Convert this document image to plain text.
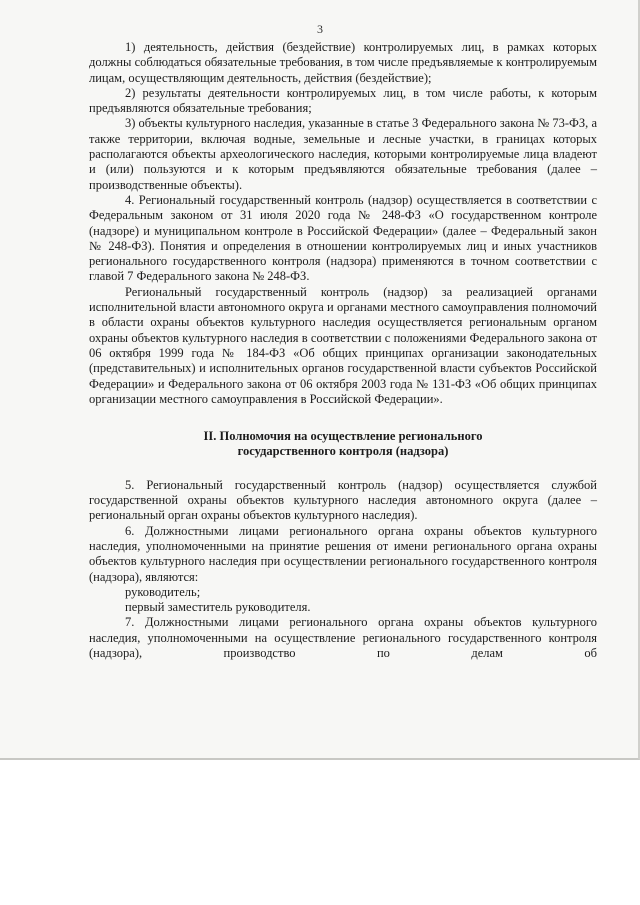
3

1) деятельность, действия (бездействие) контролируемых лиц, в рамках которых должны соблюдаться обязательные требования, в том числе предъявляемые к контролируемым лицам, осуществляющим деятельность, действия (бездействие);

2) результаты деятельности контролируемых лиц, в том числе работы, к которым предъявляются обязательные требования;

3) объекты культурного наследия, указанные в статье 3 Федерального закона № 73-ФЗ, а также территории, включая водные, земельные и лесные участки, в границах которых располагаются объекты археологического наследия, которыми контролируемые лица владеют и (или) пользуются и к которым предъявляются обязательные требования (далее – производственные объекты).

4. Региональный государственный контроль (надзор) осуществляется в соответствии с Федеральным законом от 31 июля 2020 года № 248-ФЗ «О государственном контроле (надзоре) и муниципальном контроле в Российской Федерации» (далее – Федеральный закон № 248-ФЗ). Понятия и определения в отношении контролируемых лиц и иных участников регионального государственного контроля (надзора) применяются в точном соответствии с главой 7 Федерального закона № 248-ФЗ.

Региональный государственный контроль (надзор) за реализацией органами исполнительной власти автономного округа и органами местного самоуправления полномочий в области охраны объектов культурного наследия осуществляется региональным органом охраны объектов культурного наследия в соответствии с положениями Федерального закона от 06 октября 1999 года № 184-ФЗ «Об общих принципах организации законодательных (представительных) и исполнительных органов государственной власти субъектов Российской Федерации» и Федерального закона от 06 октября 2003 года № 131-ФЗ «Об общих принципах организации местного самоуправления в Российской Федерации».

II. Полномочия на осуществление регионального
государственного контроля (надзора)

5. Региональный государственный контроль (надзор) осуществляется службой государственной охраны объектов культурного наследия автономного округа (далее – региональный орган охраны объектов культурного наследия).

6. Должностными лицами регионального органа охраны объектов культурного наследия, уполномоченными на принятие решения от имени регионального органа охраны объектов культурного наследия при осуществлении регионального государственного контроля (надзора), являются:

руководитель;

первый заместитель руководителя.

7. Должностными лицами регионального органа охраны объектов культурного наследия, уполномоченными на осуществление регионального государственного контроля (надзора), производство по делам об
